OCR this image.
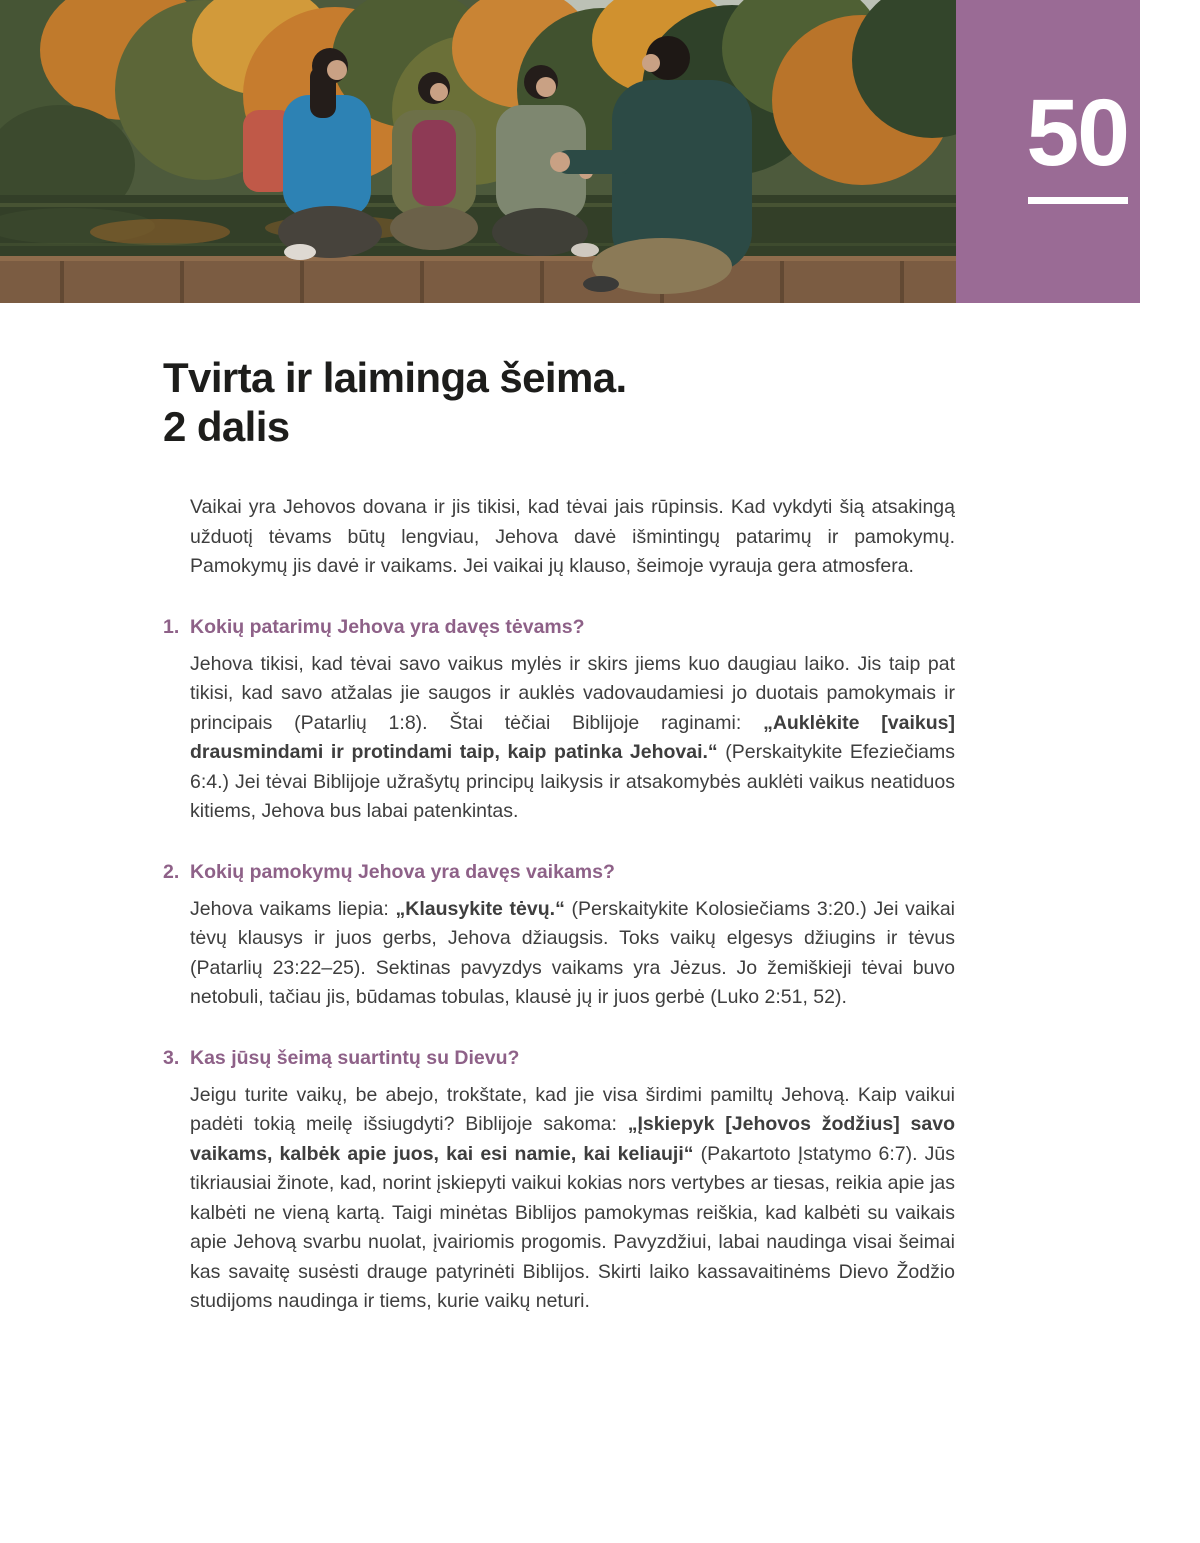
50
Tvirta ir laiminga šeima.
2 dalis

Vaikai yra Jehovos dovana ir jis tikisi, kad tėvai jais rūpinsis. Kad vykdyti šią atsakingą užduotį tėvams būtų lengviau, Jehova davė išmintingų patarimų ir pamokymų. Pamokymų jis davė ir vaikams. Jei vaikai jų klauso, šeimoje vyrauja gera atmosfera.

1. Kokių patarimų Jehova yra davęs tėvams?

Jehova tikisi, kad tėvai savo vaikus mylės ir skirs jiems kuo daugiau laiko. Jis taip pat tikisi, kad savo atžalas jie saugos ir auklės vadovaudamiesi jo duotais pamokymais ir principais (Patarlių 1:8). Štai tėčiai Biblijoje raginami: „Auklėkite [vaikus] drausmindami ir protindami taip, kaip patinka Jehovai.“ (Perskaitykite Efeziečiams 6:4.) Jei tėvai Biblijoje užrašytų principų laikysis ir atsakomybės auklėti vaikus neatiduos kitiems, Jehova bus labai patenkintas.

2. Kokių pamokymų Jehova yra davęs vaikams?

Jehova vaikams liepia: „Klausykite tėvų.“ (Perskaitykite Kolosiečiams 3:20.) Jei vaikai tėvų klausys ir juos gerbs, Jehova džiaugsis. Toks vaikų elgesys džiugins ir tėvus (Patarlių 23:22–25). Sektinas pavyzdys vaikams yra Jėzus. Jo žemiškieji tėvai buvo netobuli, tačiau jis, būdamas tobulas, klausė jų ir juos gerbė (Luko 2:51, 52).

3. Kas jūsų šeimą suartintų su Dievu?

Jeigu turite vaikų, be abejo, trokštate, kad jie visa širdimi pamiltų Jehovą. Kaip vaikui padėti tokią meilę išsiugdyti? Biblijoje sakoma: „Įskiepyk [Jehovos žodžius] savo vaikams, kalbėk apie juos, kai esi namie, kai keliauji“ (Pakartoto Įstatymo 6:7). Jūs tikriausiai žinote, kad, norint įskiepyti vaikui kokias nors vertybes ar tiesas, reikia apie jas kalbėti ne vieną kartą. Taigi minėtas Biblijos pamokymas reiškia, kad kalbėti su vaikais apie Jehovą svarbu nuolat, įvairiomis progomis. Pavyzdžiui, labai naudinga visai šeimai kas savaitę susėsti drauge patyrinėti Biblijos. Skirti laiko kassavaitinėms Dievo Žodžio studijoms naudinga ir tiems, kurie vaikų neturi.
